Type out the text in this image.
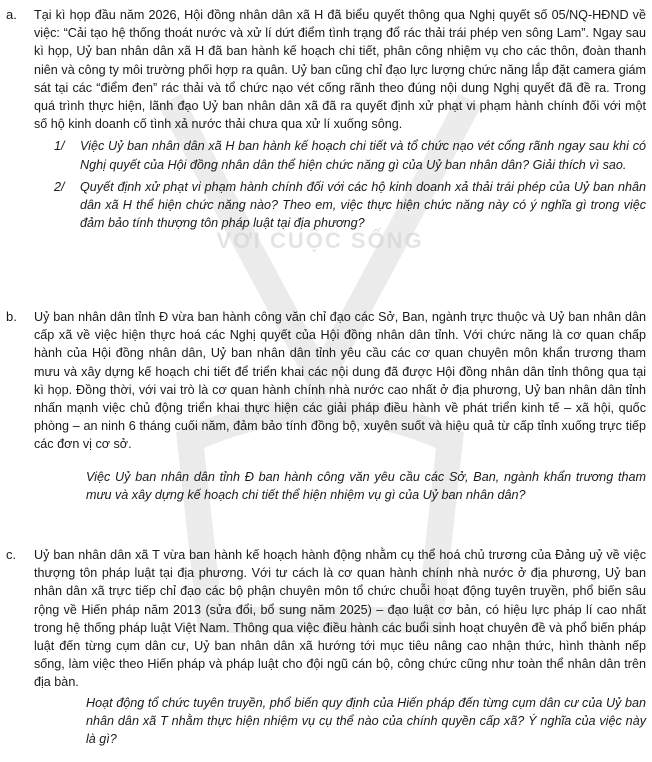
VỚI CUỘC SỐNG
a. Tại kì họp đầu năm 2026, Hội đồng nhân dân xã H đã biểu quyết thông qua Nghị quyết số 05/NQ-HĐND về việc: “Cải tạo hệ thống thoát nước và xử lí dứt điểm tình trạng đổ rác thải trái phép ven sông Lam”. Ngay sau kì họp, Uỷ ban nhân dân xã H đã ban hành kế hoạch chi tiết, phân công nhiệm vụ cho các thôn, đoàn thanh niên và công ty môi trường phối hợp ra quân. Uỷ ban cũng chỉ đạo lực lượng chức năng lắp đặt camera giám sát tại các “điểm đen” rác thải và tổ chức nạo vét cống rãnh theo đúng nội dung Nghị quyết đã đề ra. Trong quá trình thực hiện, lãnh đạo Uỷ ban nhân dân xã đã ra quyết định xử phạt vi phạm hành chính đối với một số hộ kinh doanh cố tình xả nước thải chưa qua xử lí xuống sông.

1/ Việc Uỷ ban nhân dân xã H ban hành kế hoạch chi tiết và tổ chức nạo vét cống rãnh ngay sau khi có Nghị quyết của Hội đồng nhân dân thể hiện chức năng gì của Uỷ ban nhân dân? Giải thích vì sao.
2/ Quyết định xử phạt vi phạm hành chính đối với các hộ kinh doanh xả thải trái phép của Uỷ ban nhân dân xã H thể hiện chức năng nào? Theo em, việc thực hiện chức năng này có ý nghĩa gì trong việc đảm bảo tính thượng tôn pháp luật tại địa phương?
b. Uỷ ban nhân dân tỉnh Đ vừa ban hành công văn chỉ đạo các Sở, Ban, ngành trực thuộc và Uỷ ban nhân dân cấp xã về việc hiện thực hoá các Nghị quyết của Hội đồng nhân dân tỉnh. Với chức năng là cơ quan chấp hành của Hội đồng nhân dân, Uỷ ban nhân dân tỉnh yêu cầu các cơ quan chuyên môn khẩn trương tham mưu và xây dựng kế hoạch chi tiết để triển khai các nội dung đã được Hội đồng nhân dân tỉnh thông qua tại kì họp. Đồng thời, với vai trò là cơ quan hành chính nhà nước cao nhất ở địa phương, Uỷ ban nhân dân tỉnh nhấn mạnh việc chủ động triển khai thực hiện các giải pháp điều hành về phát triển kinh tế – xã hội, quốc phòng – an ninh 6 tháng cuối năm, đảm bảo tính đồng bộ, xuyên suốt và hiệu quả từ cấp tỉnh xuống trực tiếp các đơn vị cơ sở.

Việc Uỷ ban nhân dân tỉnh Đ ban hành công văn yêu cầu các Sở, Ban, ngành khẩn trương tham mưu và xây dựng kế hoạch chi tiết thể hiện nhiệm vụ gì của Uỷ ban nhân dân?
c. Uỷ ban nhân dân xã T vừa ban hành kế hoạch hành động nhằm cụ thể hoá chủ trương của Đảng uỷ về việc thượng tôn pháp luật tại địa phương. Với tư cách là cơ quan hành chính nhà nước ở địa phương, Uỷ ban nhân dân xã trực tiếp chỉ đạo các bộ phận chuyên môn tổ chức chuỗi hoạt động tuyên truyền, phổ biến sâu rộng về Hiến pháp năm 2013 (sửa đổi, bổ sung năm 2025) – đạo luật cơ bản, có hiệu lực pháp lí cao nhất trong hệ thống pháp luật Việt Nam. Thông qua việc điều hành các buổi sinh hoạt chuyên đề và phổ biến pháp luật đến từng cụm dân cư, Uỷ ban nhân dân xã hướng tới mục tiêu nâng cao nhận thức, hình thành nếp sống, làm việc theo Hiến pháp và pháp luật cho đội ngũ cán bộ, công chức cũng như toàn thể nhân dân trên địa bàn.

Hoạt động tổ chức tuyên truyền, phổ biến quy định của Hiến pháp đến từng cụm dân cư của Uỷ ban nhân dân xã T nhằm thực hiện nhiệm vụ cụ thể nào của chính quyền cấp xã? Ý nghĩa của việc này là gì?
